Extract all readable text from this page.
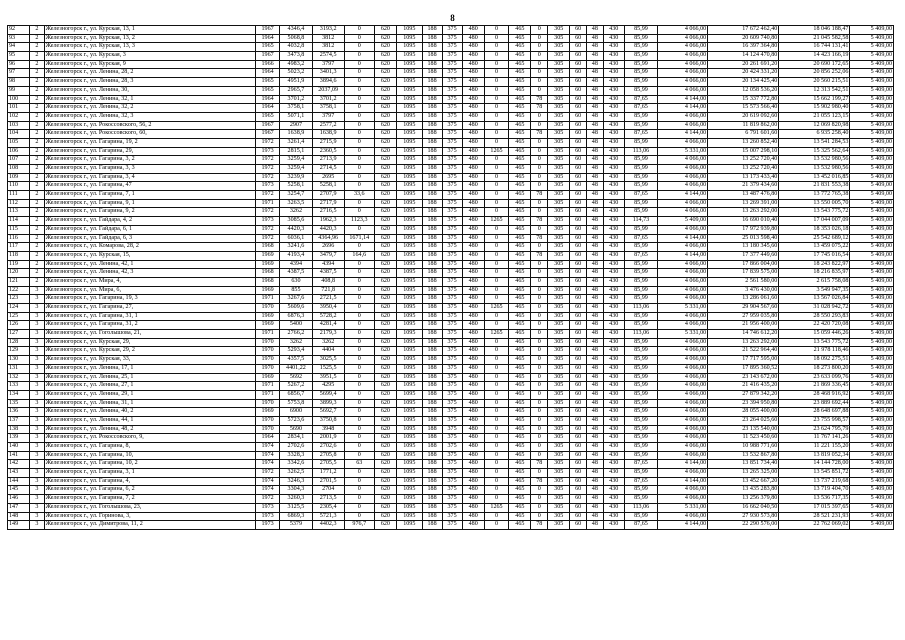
8
92	2	Железногорск г., ул. Курская, 13, 1	1967	4346,4	3193,2	0	620	1095	188	375	480	0	465	0	305	60	48	430	85,99	4 066,00	17 672 462,40	18 046 188,47	5 409,00
93	2	Железногорск г., ул. Курская, 13, 2	1964	5068,8	3812	0	620	1095	188	375	480	0	465	0	305	60	48	430	85,99	4 066,00	20 609 740,80	21 045 582,58	5 409,00
94	2	Железногорск г., ул. Курская, 13, 3	1965	4032,8	3812	0	620	1095	188	375	480	0	465	0	305	60	48	430	85,99	4 066,00	16 397 364,80	16 744 131,41	5 409,00
95	2	Железногорск г., ул. Курская, 3	1967	3473,8	2574,5	0	620	1095	188	375	480	0	465	0	305	60	48	430	85,99	4 066,00	14 124 470,80	14 423 166,19	5 409,00
96	2	Железногорск г., ул. Курская, 9	1966	4983,2	3797	0	620	1095	188	375	480	0	465	0	305	60	48	430	85,99	4 066,00	20 261 691,20	20 690 172,65	5 409,00
97	2	Железногорск г., ул. Ленина, 28, 2	1964	5023,2	3401,3	0	620	1095	188	375	480	0	465	0	305	60	48	430	85,99	4 066,00	20 424 331,20	20 856 252,06	5 409,00
98	2	Железногорск г., ул. Ленина, 28, 3	1965	4951,9	3894,6	0	620	1095	188	375	480	0	465	0	305	60	48	430	85,99	4 066,00	20 134 425,40	20 560 215,51	5 409,00
99	2	Железногорск г., ул. Ленина, 30,	1965	2965,7	2037,09	0	620	1095	188	375	480	0	465	0	305	60	48	430	85,99	4 066,00	12 058 536,20	12 313 542,51	5 409,00
100	2	Железногорск г., ул. Ленина, 32, 1	1964	3701,2	3701,2	0	620	1095	188	375	480	0	465	78	305	60	48	430	87,65	4 144,00	15 337 772,80	15 662 199,27	5 409,00
101	2	Железногорск г., ул. Ленина, 32, 2	1964	3758,1	3758,1	0	620	1095	188	375	480	0	465	78	305	60	48	430	87,65	4 144,00	15 573 566,40	15 902 980,40	5 409,00
102	2	Железногорск г., ул. Ленина, 32, 3	1965	5071,1	3797	0	620	1095	188	375	480	0	465	0	305	60	48	430	85,99	4 066,00	20 619 092,60	21 055 123,15	5 409,00
103	2	Железногорск г., ул. Рокоссовского, 56, 2	1967	2907	2577,2	0	620	1095	188	375	480	0	465	0	305	60	48	430	85,99	4 066,00	11 819 862,00	12 069 820,98	5 409,00
104	2	Железногорск г., ул. Рокоссовского, 60,	1967	1638,9	1638,9	0	620	1095	188	375	480	0	465	78	305	60	48	430	87,65	4 144,00	6 791 601,60	6 935 258,40	5 409,00
105	2	Железногорск г., ул. Гагарина, 19, 2	1972	3261,4	2715,9	0	620	1095	188	375	480	0	465	0	305	60	48	430	85,99	4 066,00	13 260 852,40	13 541 284,53	5 409,00
106	2	Железногорск г., ул. Гагарина, 29,	1973	2815,1	2360,5	0	620	1095	188	375	480	1265	465	0	305	60	48	430	113,06	5 331,00	15 007 298,10	15 325 562,64	5 409,00
107	2	Железногорск г., ул. Гагарина, 3, 2	1972	3259,4	2713,9	0	620	1095	188	375	480	0	465	0	305	60	48	430	85,99	4 066,00	13 252 720,40	13 532 980,56	5 409,00
108	2	Железногорск г., ул. Гагарина, 3, 3	1972	3259,4	2714,5	0	620	1095	188	375	480	0	465	0	305	60	48	430	85,99	4 066,00	13 252 720,40	13 532 980,56	5 409,00
109	2	Железногорск г., ул. Гагарина, 3, 4	1972	3239,9	2695	0	620	1095	188	375	480	0	465	0	305	60	48	430	85,99	4 066,00	13 173 433,40	13 452 016,85	5 409,00
110	2	Железногорск г., ул. Гагарина, 47	1973	5258,1	5258,1	0	620	1095	188	375	480	0	465	0	305	60	48	430	85,99	4 066,00	21 379 434,60	21 831 553,38	5 409,00
111	2	Железногорск г., ул. Гагарина, 7, 1	1972	3254,7	2707,9	33,6	620	1095	188	375	480	0	465	78	305	60	48	430	87,65	4 144,00	13 487 476,80	13 772 765,38	5 409,00
112	2	Железногорск г., ул. Гагарина, 9, 1	1971	3263,5	2717,9	0	620	1095	188	375	480	0	465	0	305	60	48	430	85,99	4 066,00	13 269 391,00	13 550 005,70	5 409,00
113	2	Железногорск г., ул. Гагарина, 9, 2	1972	3262	2716,5	0	620	1095	188	375	480	0	465	0	305	60	48	430	85,99	4 066,00	13 263 292,00	13 543 775,72	5 409,00
114	2	Железногорск г., ул. Гайдара, 4, 2	1973	3085,6	1962,3	1123,3	620	1095	188	375	480	1265	465	78	305	60	48	430	114,73	5 409,00	16 690 010,40	17 044 007,09	5 409,00
115	2	Железногорск г., ул. Гайдара, 6, 1	1972	4420,3	4420,3	0	620	1095	188	375	480	0	465	0	305	60	48	430	85,99	4 066,00	17 972 939,80	18 353 026,18	5 409,00
116	2	Железногорск г., ул. Гайдара, 6, 3	1972	6036,1	4364,96	1671,14	620	1095	188	375	480	0	465	78	305	60	48	430	87,65	4 144,00	25 013 598,40	25 542 689,12	5 409,00
117	2	Железногорск г., ул. Комарова, 28, 2	1968	3241,6	2696	0	620	1095	188	375	480	0	465	0	305	60	48	430	85,99	4 066,00	13 180 345,60	13 459 075,22	5 409,00
118	2	Железногорск г., ул. Курская, 15,	1969	4193,4	3479,7	164,6	620	1095	188	375	480	0	465	78	305	60	48	430	87,65	4 144,00	17 377 449,60	17 745 016,54	5 409,00
119	2	Железногорск г., ул. Ленина, 42, 1	1969	4394	4394	0	620	1095	188	375	480	0	465	0	305	60	48	430	85,99	4 066,00	17 866 004,00	18 243 822,97	5 409,00
120	2	Железногорск г., ул. Ленина, 42, 3	1968	4387,5	4387,5	0	620	1095	188	375	480	0	465	0	305	60	48	430	85,99	4 066,00	17 839 575,00	18 216 835,97	5 409,00
121	2	Железногорск г., ул. Мира, 4,	1968	630	408,8	0	620	1095	188	375	480	0	465	0	305	60	48	430	85,99	4 066,00	2 561 580,00	2 615 758,08	5 409,00
122	3	Железногорск г., ул. Мира, 6,	1969	855	721,8	0	620	1095	188	375	480	0	465	0	305	60	48	430	85,99	4 066,00	3 476 430,00	3 549 947,35	5 409,00
123	3	Железногорск г., ул. Гагарина, 19, 3	1971	3267,6	2721,5	0	620	1095	188	375	480	0	465	0	305	60	48	430	85,99	4 066,00	13 286 061,60	13 567 026,84	5 409,00
124	3	Железногорск г., ул. Гагарина, 27,	1970	5609,6	3950,4	0	620	1095	188	375	480	1265	465	0	305	60	48	430	113,06	5 331,00	29 904 567,60	31 028 942,72	5 409,00
125	3	Железногорск г., ул. Гагарина, 31, 1	1969	6876,3	5728,2	0	620	1095	188	375	480	0	465	0	305	60	48	430	85,99	4 066,00	27 959 035,80	28 550 293,83	5 409,00
126	3	Железногорск г., ул. Гагарина, 31, 2	1969	5400	4281,4	0	620	1095	188	375	480	0	465	0	305	60	48	430	85,99	4 066,00	21 956 400,00	22 420 720,08	5 409,00
127	3	Железногорск г., ул. Гоголышова, 21,	1971	2766,2	2179,3	0	620	1095	188	375	480	1265	465	0	305	60	48	430	113,06	5 331,00	14 746 612,20	15 059 446,26	5 409,00
128	3	Железногорск г., ул. Курская, 29,	1970	3262	3262	0	620	1095	188	375	480	0	465	0	305	60	48	430	85,99	4 066,00	13 263 292,00	13 543 775,72	5 409,00
129	3	Железногорск г., ул. Курская, 29, 2	1970	5293,4	4404	0	620	1095	188	375	480	0	465	0	305	60	48	430	85,99	4 066,00	21 522 964,40	21 978 118,46	5 409,00
130	3	Железногорск г., ул. Курская, 33,	1970	4357,5	3025,5	0	620	1095	188	375	480	0	465	0	305	60	48	430	85,99	4 066,00	17 717 595,00	18 092 275,51	5 409,00
131	3	Железногорск г., ул. Ленина, 17, 1	1970	4401,22	1525,5	0	620	1095	188	375	480	0	465	0	305	60	48	430	85,99	4 066,00	17 895 360,52	18 273 800,20	5 409,00
132	3	Железногорск г., ул. Ленина, 25, 1	1969	5692	3951,5	0	620	1095	188	375	480	0	465	0	305	60	48	430	85,99	4 066,00	23 143 672,00	23 633 099,76	5 409,00
133	3	Железногорск г., ул. Ленина, 27, 1	1971	5267,2	4295	0	620	1095	188	375	480	0	465	0	305	60	48	430	85,99	4 066,00	21 416 435,20	21 869 336,45	5 409,00
134	3	Железногорск г., ул. Ленина, 29, 1	1971	6856,7	5699,4	0	620	1095	188	375	480	0	465	0	305	60	48	430	85,99	4 066,00	27 879 342,20	28 468 916,92	5 409,00
135	3	Железногорск г., ул. Ленина, 31, 1	1970	5753,8	3899,3	0	620	1095	188	375	480	0	465	0	305	60	48	430	85,99	4 066,00	23 394 950,80	23 889 692,44	5 409,00
136	3	Железногорск г., ул. Ленина, 40, 2	1969	6900	5692,7	0	620	1095	188	375	480	0	465	0	305	60	48	430	85,99	4 066,00	28 055 400,00	28 648 697,88	5 409,00
137	3	Железногорск г., ул. Ленина, 44, 1	1970	5723,6	3750,8	0	620	1095	188	375	480	0	465	0	305	60	48	430	85,99	4 066,00	23 264 025,60	23 755 998,57	5 409,00
138	3	Железногорск г., ул. Ленина, 48, 2	1970	5690	3948	0	620	1095	188	375	480	0	465	0	305	60	48	430	85,99	4 066,00	23 135 540,00	23 624 795,79	5 409,00
139	3	Железногорск г., ул. Рокоссовского, 9,	1964	2834,1	2001,9	0	620	1095	188	375	480	0	465	0	305	60	48	430	85,99	4 066,00	11 523 450,60	11 767 141,26	5 409,00
140	3	Железногорск г., ул. Гагарина, 8,	1974	2702,6	2702,6	0	620	1095	188	375	480	0	465	0	305	60	48	430	85,99	4 066,00	10 988 771,60	11 221 155,20	5 409,00
141	3	Железногорск г., ул. Гагарина, 10,	1974	3328,3	2705,8	0	620	1095	188	375	480	0	465	0	305	60	48	430	85,99	4 066,00	13 532 867,80	13 819 052,34	5 409,00
142	3	Железногорск г., ул. Гагарина, 10, 2	1974	3342,6	2705,5	63	620	1095	188	375	480	0	465	78	305	60	48	430	87,65	4 144,00	13 851 734,40	14 144 728,00	5 409,00
143	3	Железногорск г., ул. Гагарина, 3, 1	1972	3262,5	1771,2	0	620	1095	188	375	480	0	465	0	305	60	48	430	85,99	4 066,00	13 265 325,00	13 545 851,72	5 409,00
144	3	Железногорск г., ул. Гагарина, 4,	1974	3246,3	2701,5	0	620	1095	188	375	480	0	465	78	305	60	48	430	87,65	4 144,00	13 452 667,20	13 737 219,68	5 409,00
145	3	Железногорск г., ул. Гагарина, 6, 2	1974	3304,3	2704	0	620	1095	188	375	480	0	465	0	305	60	48	430	85,99	4 066,00	13 435 283,80	13 719 404,70	5 409,00
146	3	Железногорск г., ул. Гагарина, 7, 2	1972	3260,3	2713,5	0	620	1095	188	375	480	0	465	0	305	60	48	430	85,99	4 066,00	13 256 379,80	13 536 717,35	5 409,00
147	3	Железногорск г., ул. Гоголышова, 23,	1973	3125,5	2305,4	0	620	1095	188	375	480	1265	465	0	305	60	48	430	113,06	5 331,00	16 662 040,50	17 015 397,65	5 409,00
148	3	Железногорск г., ул. Горинова, 3,	1973	6869,3	5721,3	0	620	1095	188	375	480	0	465	0	305	60	48	430	85,99	4 066,00	27 930 573,80	28 521 231,93	5 409,00
149	3	Железногорск г., ул. Димитрова, 11, 2	1973	5379	4402,3	976,7	620	1095	188	375	480	0	465	78	305	60	48	430	87,65	4 144,00	22 290 576,00	22 762 069,02	5 409,00
